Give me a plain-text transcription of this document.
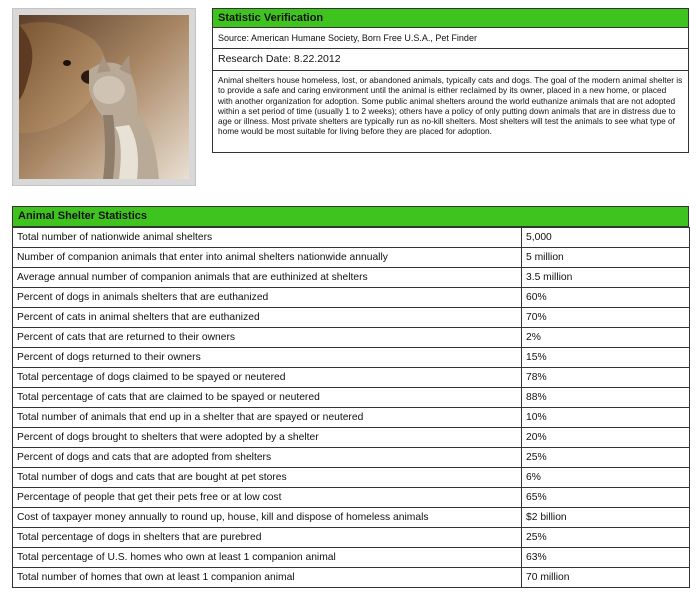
Statistic Verification
Source: American Humane Society, Born Free U.S.A., Pet Finder
Research Date: 8.22.2012
Animal shelters house homeless, lost, or abandoned animals, typically cats and dogs. The goal of the modern animal shelter is to provide a safe and caring environment until the animal is either reclaimed by its owner, placed in a new home, or placed with another organization for adoption. Some public animal shelters around the world euthanize animals that are not adopted within a set period of time (usually 1 to 2 weeks); others have a policy of only putting down animals that are in distress due to age or illness. Most private shelters are typically run as no-kill shelters. Most shelters will test the animals to see what type of home would be most suitable for living before they are placed for adoption.
Animal Shelter Statistics
Total number of nationwide animal shelters	5,000
Number of companion animals that enter into animal shelters nationwide annually	5 million
Average annual number of companion animals that are euthinized at shelters	3.5 million
Percent of dogs in animals shelters that are euthanized	60%
Percent of cats in animal shelters that are euthanized	70%
Percent of cats that are returned to their owners	2%
Percent of dogs returned to their owners	15%
Total percentage of dogs claimed to be spayed or neutered	78%
Total percentage of cats that are claimed to be spayed or neutered	88%
Total number of animals that end up in a shelter that are spayed or neutered	10%
Percent of dogs brought to shelters that were adopted by a shelter	20%
Percent of dogs and cats that are adopted from shelters	25%
Total number of dogs and cats that are bought at pet stores	6%
Percentage of people that get their pets free or at low cost	65%
Cost of taxpayer money annually to round up, house, kill and dispose of homeless animals	$2 billion
Total percentage of dogs in shelters that are purebred	25%
Total percentage of U.S. homes who own at least 1 companion animal	63%
Total number of homes that own at least 1 companion animal	70 million
